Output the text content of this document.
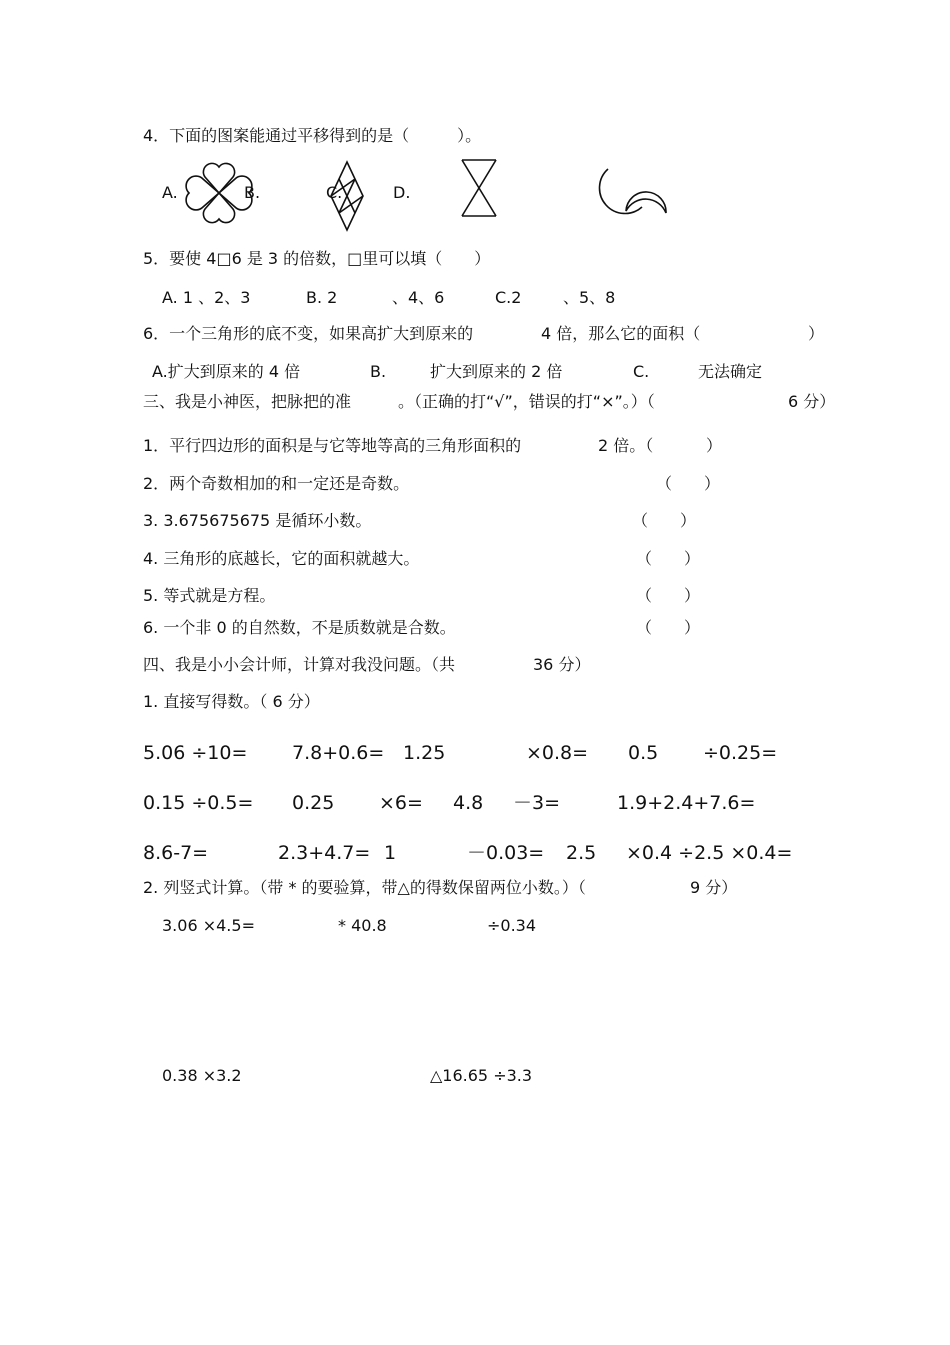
4．下面的图案能通过平移得到的是（　　　）。
A.	B.	C.	D.
5．要使 4□6 是 3 的倍数，□里可以填（　　）
A. 1 、2、3	B. 2	、4、6	C.2	、5、8
6．一个三角形的底不变，如果高扩大到原来的	4 倍，那么它的面积（	）
A.扩大到原来的 4 倍	B.	扩大到原来的 2 倍	C.	无法确定
三、我是小神医，把脉把的准	。（正确的打“√”，错误的打“×”。）（	6 分）
1．平行四边形的面积是与它等地等高的三角形面积的	2 倍。（	）
2．两个奇数相加的和一定还是奇数。	（　　）
3. 3.675675675 是循环小数。	（　　）
4. 三角形的底越长，它的面积就越大。	（　　）
5. 等式就是方程。	（　　）
6. 一个非 0 的自然数，不是质数就是合数。	（　　）
四、我是小小会计师，计算对我没问题。（共	36 分）
1. 直接写得数。（ 6 分）
5.06 ÷10= 7.8+0.6= 1.25	×0.8= 0.5 ÷0.25=
0.15 ÷0.5= 0.25 ×6= 4.8 －3=	1.9+2.4+7.6=
8.6-7=	2.3+4.7= 1	－0.03= 2.5 ×0.4 ÷2.5 ×0.4=
2. 列竖式计算。（带 * 的要验算，带△的得数保留两位小数。）（	9 分）
3.06 ×4.5=	* 40.8	÷0.34
0.38 ×3.2	△16.65 ÷3.3
